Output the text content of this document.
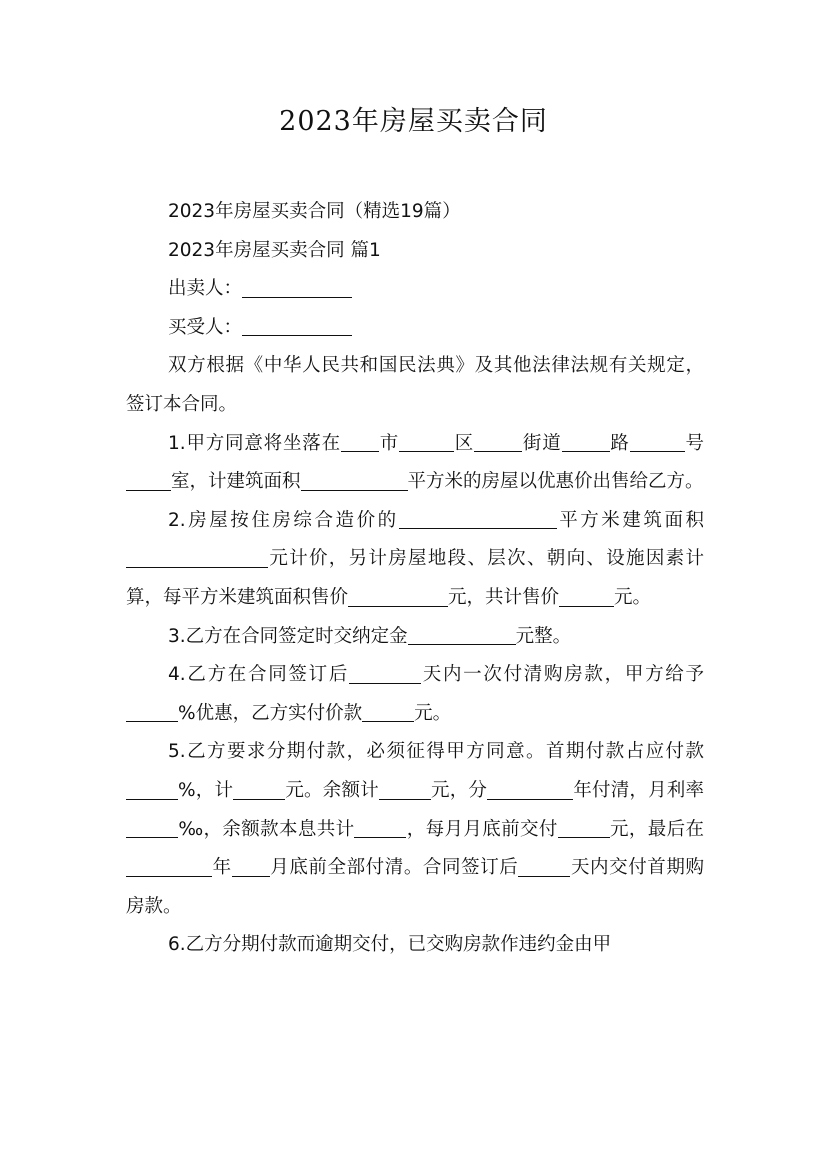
2023年房屋买卖合同

2023年房屋买卖合同（精选19篇）

2023年房屋买卖合同 篇1

出卖人：

买受人：

双方根据《中华人民共和国民法典》及其他法律法规有关规定，签订本合同。

1.甲方同意将坐落在 市	区	街道	路	号室，计建筑面积	平方米的房屋以优惠价出售给乙方。

2.房屋按住房综合造价的	平方米建筑面积元计价，另计房屋地段、层次、朝向、设施因素计算，每平方米建筑面积售价	元，共计售价	元。

3.乙方在合同签定时交纳定金	元整。

4.乙方在合同签订后	天内一次付清购房款，甲方给予%优惠，乙方实付价款	元。

5.乙方要求分期付款，必须征得甲方同意。首期付款占应付款%，计	元。余额计	元，分	年付清，月利率‰，余额款本息共计	，每月月底前交付	元，最后在年 月底前全部付清。合同签订后	天内交付首期购房款。

6.乙方分期付款而逾期交付，已交购房款作违约金由甲
